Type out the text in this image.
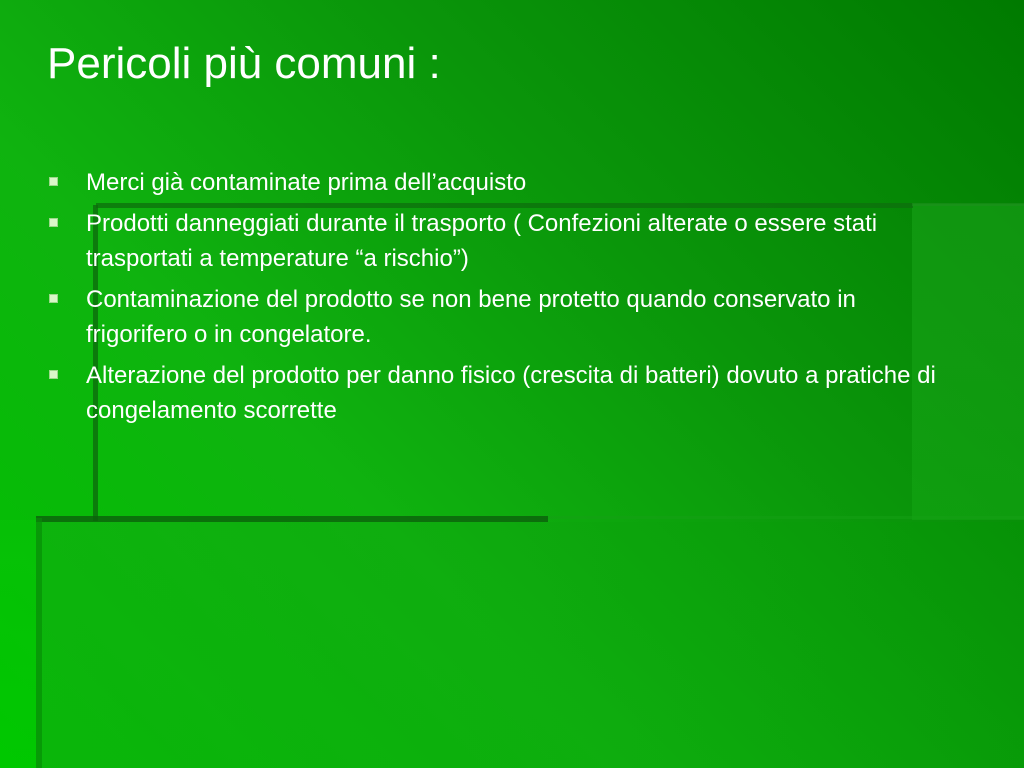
Pericoli più comuni :
Merci già contaminate prima dell’acquisto
Prodotti danneggiati durante il trasporto ( Confezioni alterate o essere stati trasportati a temperature “a rischio”)
Contaminazione del prodotto se non bene protetto quando conservato in frigorifero o in congelatore.
Alterazione del prodotto per danno fisico (crescita di batteri) dovuto a pratiche di congelamento scorrette
